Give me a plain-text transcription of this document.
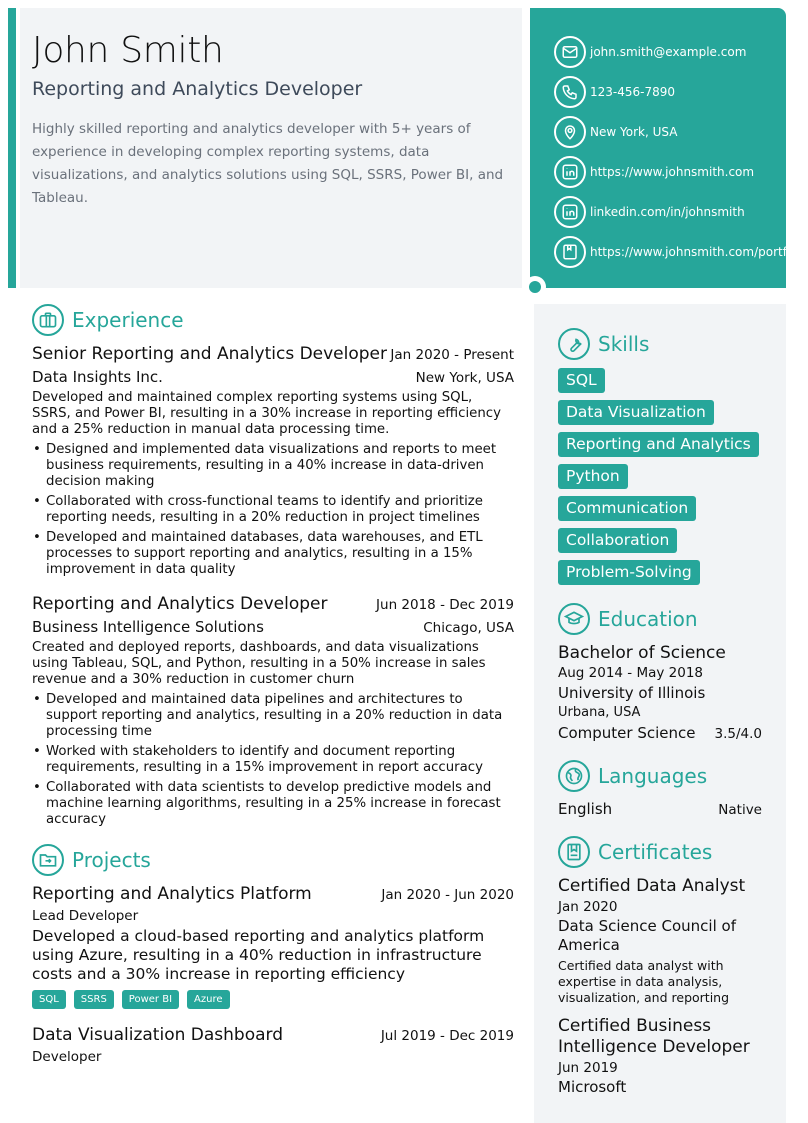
John Smith
Reporting and Analytics Developer

Highly skilled reporting and analytics developer with 5+ years of experience in developing complex reporting systems, data visualizations, and analytics solutions using SQL, SSRS, Power BI, and Tableau.

john.smith@example.com
123-456-7890
New York, USA
https://www.johnsmith.com
linkedin.com/in/johnsmith
https://www.johnsmith.com/portfolio
Experience
Senior Reporting and Analytics Developer Jan 2020 - Present
Data Insights Inc.	New York, USA

Developed and maintained complex reporting systems using SQL, SSRS, and Power BI, resulting in a 30% increase in reporting efficiency and a 25% reduction in manual data processing time.

• Designed and implemented data visualizations and reports to meet business requirements, resulting in a 40% increase in data-driven decision making
• Collaborated with cross-functional teams to identify and prioritize reporting needs, resulting in a 20% reduction in project timelines
• Developed and maintained databases, data warehouses, and ETL processes to support reporting and analytics, resulting in a 15% improvement in data quality
Reporting and Analytics Developer	Jun 2018 - Dec 2019
Business Intelligence Solutions	Chicago, USA

Created and deployed reports, dashboards, and data visualizations using Tableau, SQL, and Python, resulting in a 50% increase in sales revenue and a 30% reduction in customer churn

• Developed and maintained data pipelines and architectures to support reporting and analytics, resulting in a 20% reduction in data processing time
• Worked with stakeholders to identify and document reporting requirements, resulting in a 15% improvement in report accuracy
• Collaborated with data scientists to develop predictive models and machine learning algorithms, resulting in a 25% increase in forecast accuracy
Projects
Reporting and Analytics Platform	Jan 2020 - Jun 2020
Lead Developer

Developed a cloud-based reporting and analytics platform using Azure, resulting in a 40% reduction in infrastructure costs and a 30% increase in reporting efficiency

SQL	SSRS	Power BI	Azure
Data Visualization Dashboard	Jul 2019 - Dec 2019
Developer
Skills
SQL
Data Visualization
Reporting and Analytics
Python
Communication
Collaboration
Problem-Solving
Education
Bachelor of Science
Aug 2014 - May 2018
University of Illinois
Urbana, USA
Computer Science 3.5/4.0
Languages
English	Native
Certificates
Certified Data Analyst
Jan 2020
Data Science Council of America
Certified data analyst with expertise in data analysis, visualization, and reporting
Certified Business Intelligence Developer
Jun 2019
Microsoft
